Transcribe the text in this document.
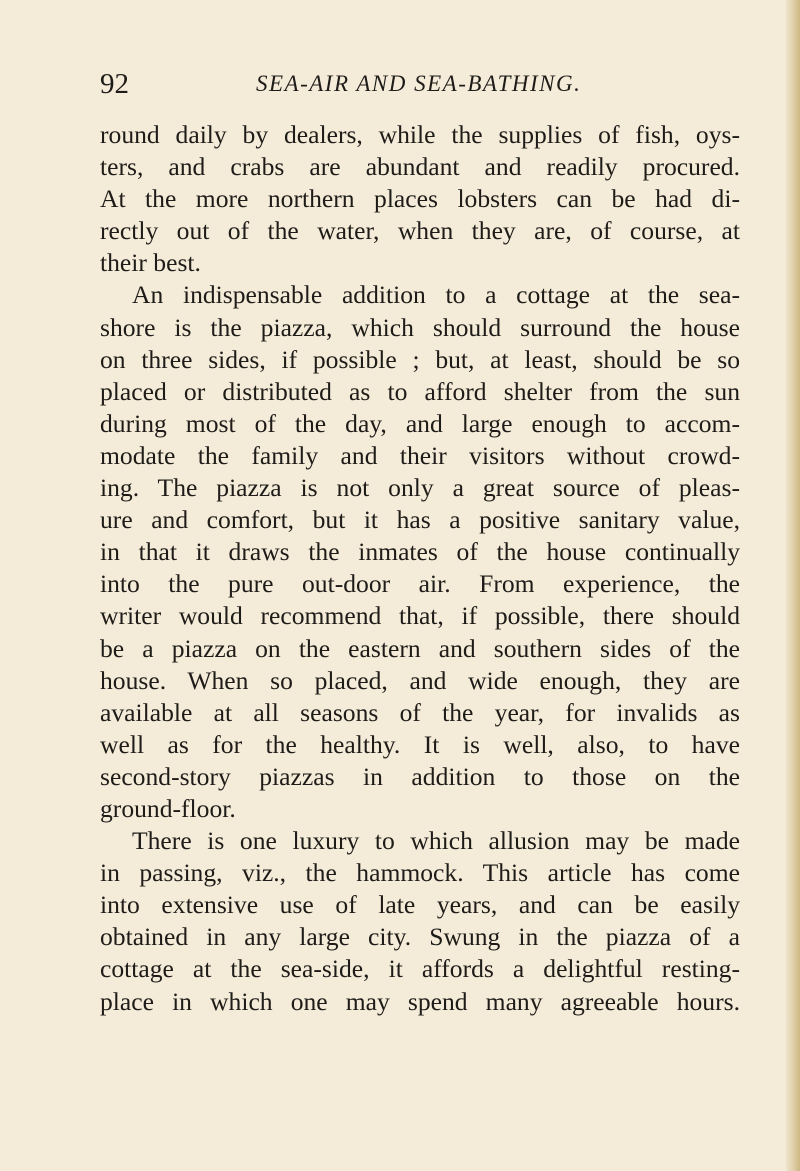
92	SEA-AIR AND SEA-BATHING.
round daily by dealers, while the supplies of fish, oys-
ters, and crabs are abundant and readily procured.
At the more northern places lobsters can be had di-
rectly out of the water, when they are, of course, at
their best.
An indispensable addition to a cottage at the sea-
shore is the piazza, which should surround the house
on three sides, if possible ; but, at least, should be so
placed or distributed as to afford shelter from the sun
during most of the day, and large enough to accom-
modate the family and their visitors without crowd-
ing. The piazza is not only a great source of pleas-
ure and comfort, but it has a positive sanitary value,
in that it draws the inmates of the house continually
into the pure out-door air. From experience, the
writer would recommend that, if possible, there should
be a piazza on the eastern and southern sides of the
house. When so placed, and wide enough, they are
available at all seasons of the year, for invalids as
well as for the healthy. It is well, also, to have
second-story piazzas in addition to those on the
ground-floor.
There is one luxury to which allusion may be made
in passing, viz., the hammock. This article has come
into extensive use of late years, and can be easily
obtained in any large city. Swung in the piazza of a
cottage at the sea-side, it affords a delightful resting-
place in which one may spend many agreeable hours.
